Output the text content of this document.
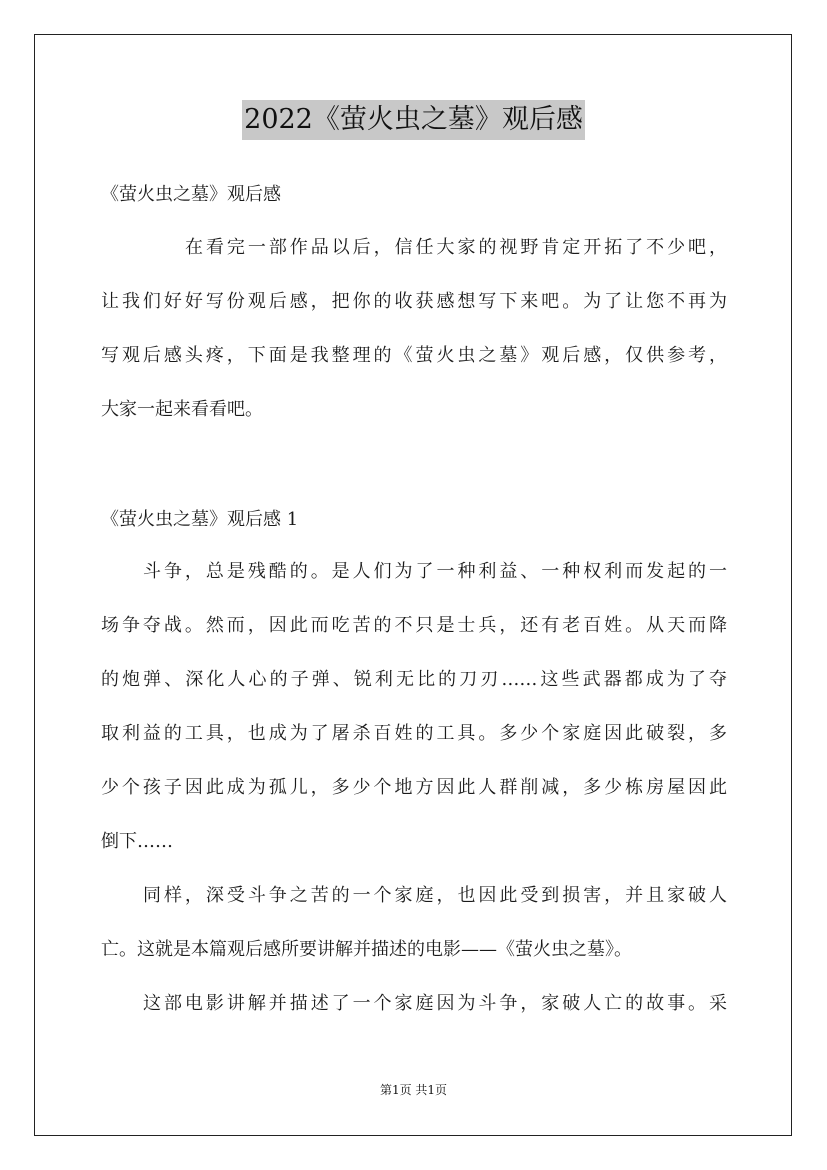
2022《萤火虫之墓》观后感
《萤火虫之墓》观后感
在看完一部作品以后，信任大家的视野肯定开拓了不少吧，
让我们好好写份观后感，把你的收获感想写下来吧。为了让您不再为
写观后感头疼，下面是我整理的《萤火虫之墓》观后感，仅供参考，
大家一起来看看吧。
《萤火虫之墓》观后感 1
斗争，总是残酷的。是人们为了一种利益、一种权利而发起的一
场争夺战。然而，因此而吃苦的不只是士兵，还有老百姓。从天而降
的炮弹、深化人心的子弹、锐利无比的刀刃……这些武器都成为了夺
取利益的工具，也成为了屠杀百姓的工具。多少个家庭因此破裂，多
少个孩子因此成为孤儿，多少个地方因此人群削减，多少栋房屋因此
倒下……
同样，深受斗争之苦的一个家庭，也因此受到损害，并且家破人
亡。这就是本篇观后感所要讲解并描述的电影——《萤火虫之墓》。
这部电影讲解并描述了一个家庭因为斗争，家破人亡的故事。采
第1页 共1页
